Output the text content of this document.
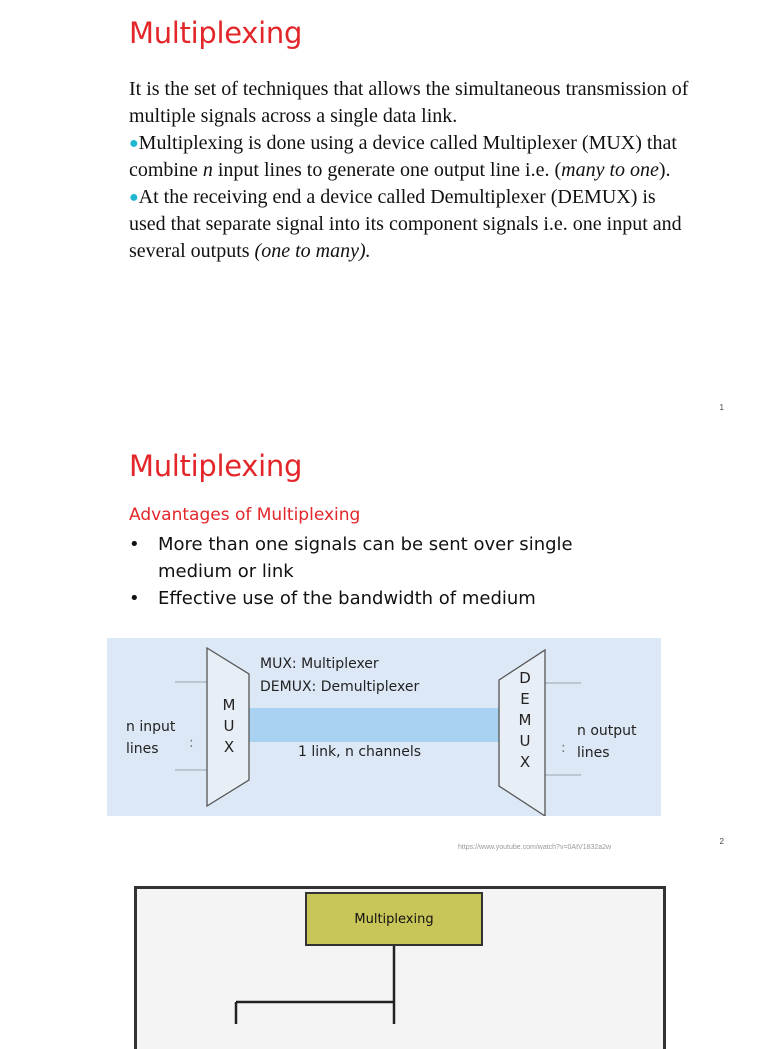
Multiplexing

It is the set of techniques that allows the simultaneous transmission of multiple signals across a single data link.

●Multiplexing is done using a device called Multiplexer (MUX) that combine n input lines to generate one output line i.e. (many to one).

●At the receiving end a device called Demultiplexer (DEMUX) is used that separate signal into its component signals i.e. one input and several outputs (one to many).

1
Multiplexing
Advantages of Multiplexing
• More than one signals can be sent over single medium or link
• Effective use of the bandwidth of medium
MUX: Multiplexer
DEMUX: Demultiplexer
n input
lines	1 link, n channels
n output
lines
:	:
M
U
X
D
E
M
U
X
https://www.youtube.com/watch?v=0AtV1832a2w
2
Multiplexing
